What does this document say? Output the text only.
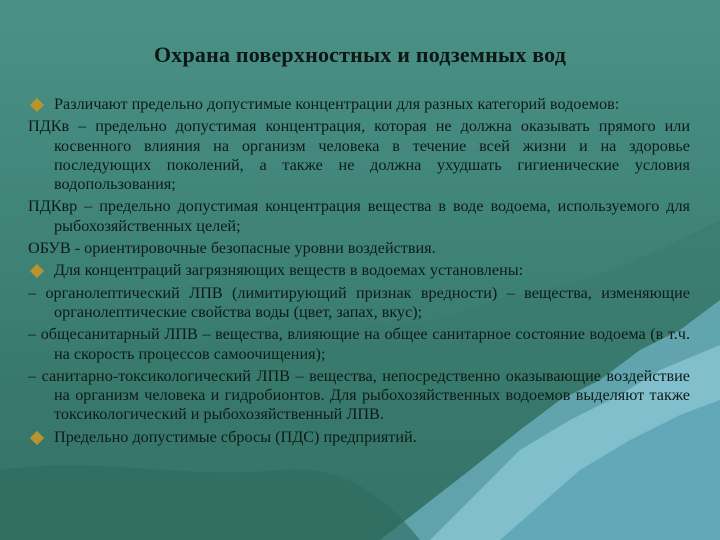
Охрана поверхностных и подземных вод

Различают предельно допустимые концентрации для разных категорий водоемов:

ПДКв – предельно допустимая концентрация, которая не должна оказывать прямого или косвенного влияния на организм человека в течение всей жизни и на здоровье последующих поколений, а также не должна ухудшать гигиенические условия водопользования;

ПДКвр – предельно допустимая концентрация вещества в воде водоема, используемого для рыбохозяйственных целей;

ОБУВ - ориентировочные безопасные уровни воздействия.

Для концентраций загрязняющих веществ в водоемах установлены:

– органолептический ЛПВ (лимитирующий признак вредности) – вещества, изменяющие органолептические свойства воды (цвет, запах, вкус);

– общесанитарный ЛПВ – вещества, влияющие на общее санитарное состояние водоема (в т.ч. на скорость процессов самоочищения);

– санитарно-токсикологический ЛПВ – вещества, непосредственно оказывающие воздействие на организм человека и гидробионтов. Для рыбохозяйственных водоемов выделяют также токсикологический и рыбохозяйственный ЛПВ.

Предельно допустимые сбросы (ПДС) предприятий.
